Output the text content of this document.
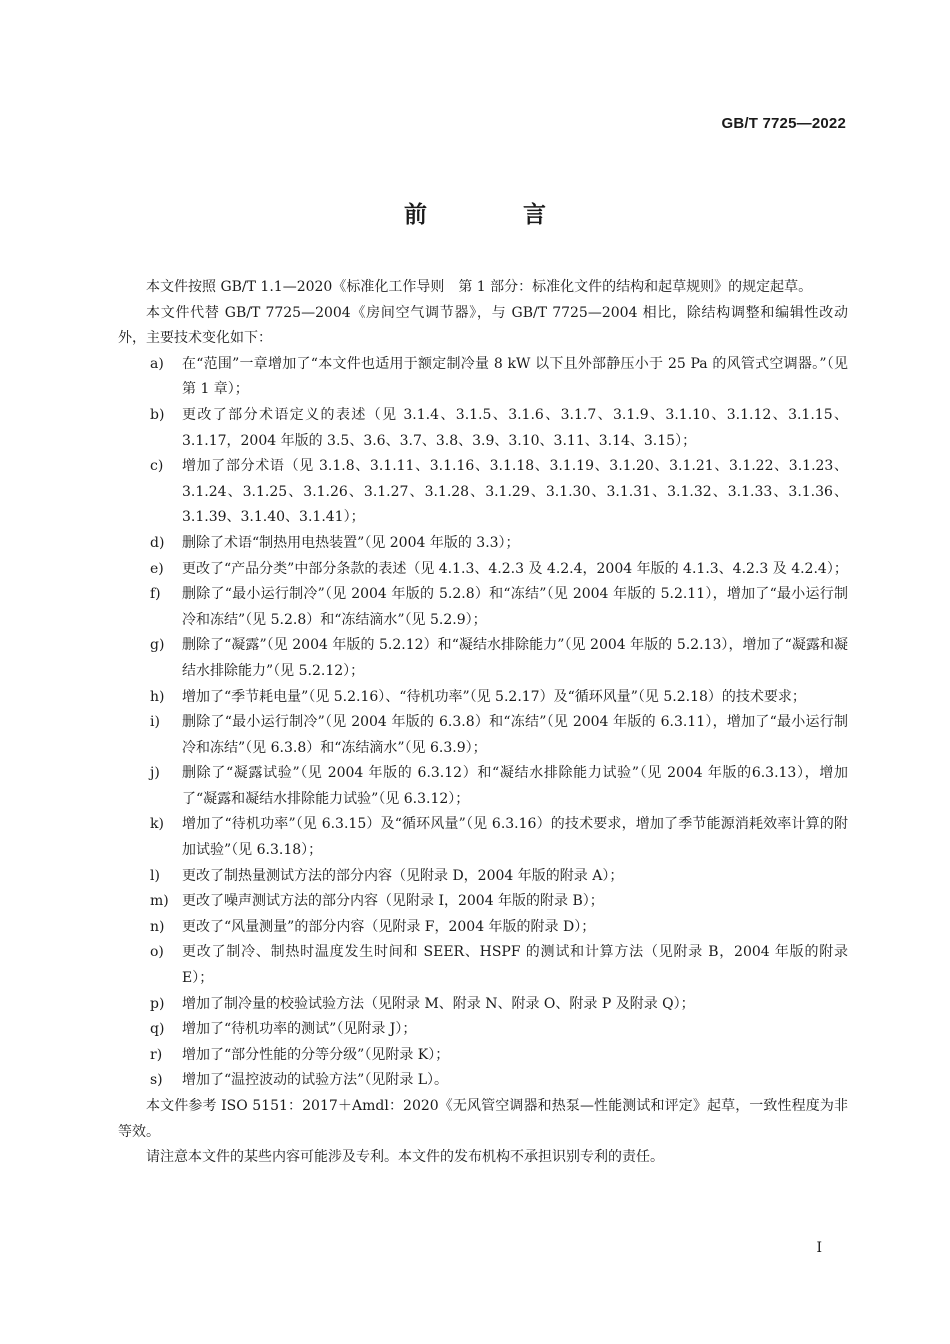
GB/T 7725—2022
前 言

本文件按照 GB/T 1.1—2020《标准化工作导则　第 1 部分：标准化文件的结构和起草规则》的规定起草。

本文件代替 GB/T 7725—2004《房间空气调节器》，与 GB/T 7725—2004 相比，除结构调整和编辑性改动外，主要技术变化如下：

a) 在“范围”一章增加了“本文件也适用于额定制冷量 8 kW 以下且外部静压小于 25 Pa 的风管式空调器。”（见第 1 章）；
b) 更改了部分术语定义的表述（见 3.1.4、3.1.5、3.1.6、3.1.7、3.1.9、3.1.10、3.1.12、3.1.15、3.1.17，2004 年版的 3.5、3.6、3.7、3.8、3.9、3.10、3.11、3.14、3.15）；
c) 增加了部分术语（见 3.1.8、3.1.11、3.1.16、3.1.18、3.1.19、3.1.20、3.1.21、3.1.22、3.1.23、3.1.24、3.1.25、3.1.26、3.1.27、3.1.28、3.1.29、3.1.30、3.1.31、3.1.32、3.1.33、3.1.36、3.1.39、3.1.40、3.1.41）；
d) 删除了术语“制热用电热装置”（见 2004 年版的 3.3）；
e) 更改了“产品分类”中部分条款的表述（见 4.1.3、4.2.3 及 4.2.4，2004 年版的 4.1.3、4.2.3 及 4.2.4）；
f) 删除了“最小运行制冷”（见 2004 年版的 5.2.8）和“冻结”（见 2004 年版的 5.2.11），增加了“最小运行制冷和冻结”（见 5.2.8）和“冻结滴水”（见 5.2.9）；
g) 删除了“凝露”（见 2004 年版的 5.2.12）和“凝结水排除能力”（见 2004 年版的 5.2.13），增加了“凝露和凝结水排除能力”（见 5.2.12）；
h) 增加了“季节耗电量”（见 5.2.16）、“待机功率”（见 5.2.17）及“循环风量”（见 5.2.18）的技术要求；
i) 删除了“最小运行制冷”（见 2004 年版的 6.3.8）和“冻结”（见 2004 年版的 6.3.11），增加了“最小运行制冷和冻结”（见 6.3.8）和“冻结滴水”（见 6.3.9）；
j) 删除了“凝露试验”（见 2004 年版的 6.3.12）和“凝结水排除能力试验”（见 2004 年版的6.3.13），增加了“凝露和凝结水排除能力试验”（见 6.3.12）；
k) 增加了“待机功率”（见 6.3.15）及“循环风量”（见 6.3.16）的技术要求，增加了季节能源消耗效率计算的附加试验”（见 6.3.18）；
l) 更改了制热量测试方法的部分内容（见附录 D，2004 年版的附录 A）；
m) 更改了噪声测试方法的部分内容（见附录 I，2004 年版的附录 B）；
n) 更改了“风量测量”的部分内容（见附录 F，2004 年版的附录 D）；
o) 更改了制冷、制热时温度发生时间和 SEER、HSPF 的测试和计算方法（见附录 B，2004 年版的附录 E）；
p) 增加了制冷量的校验试验方法（见附录 M、附录 N、附录 O、附录 P 及附录 Q）；
q) 增加了“待机功率的测试”（见附录 J）；
r) 增加了“部分性能的分等分级”（见附录 K）；
s) 增加了“温控波动的试验方法”（见附录 L）。

本文件参考 ISO 5151：2017＋Amdl：2020《无风管空调器和热泵—性能测试和评定》起草，一致性程度为非等效。

请注意本文件的某些内容可能涉及专利。本文件的发布机构不承担识别专利的责任。

I
